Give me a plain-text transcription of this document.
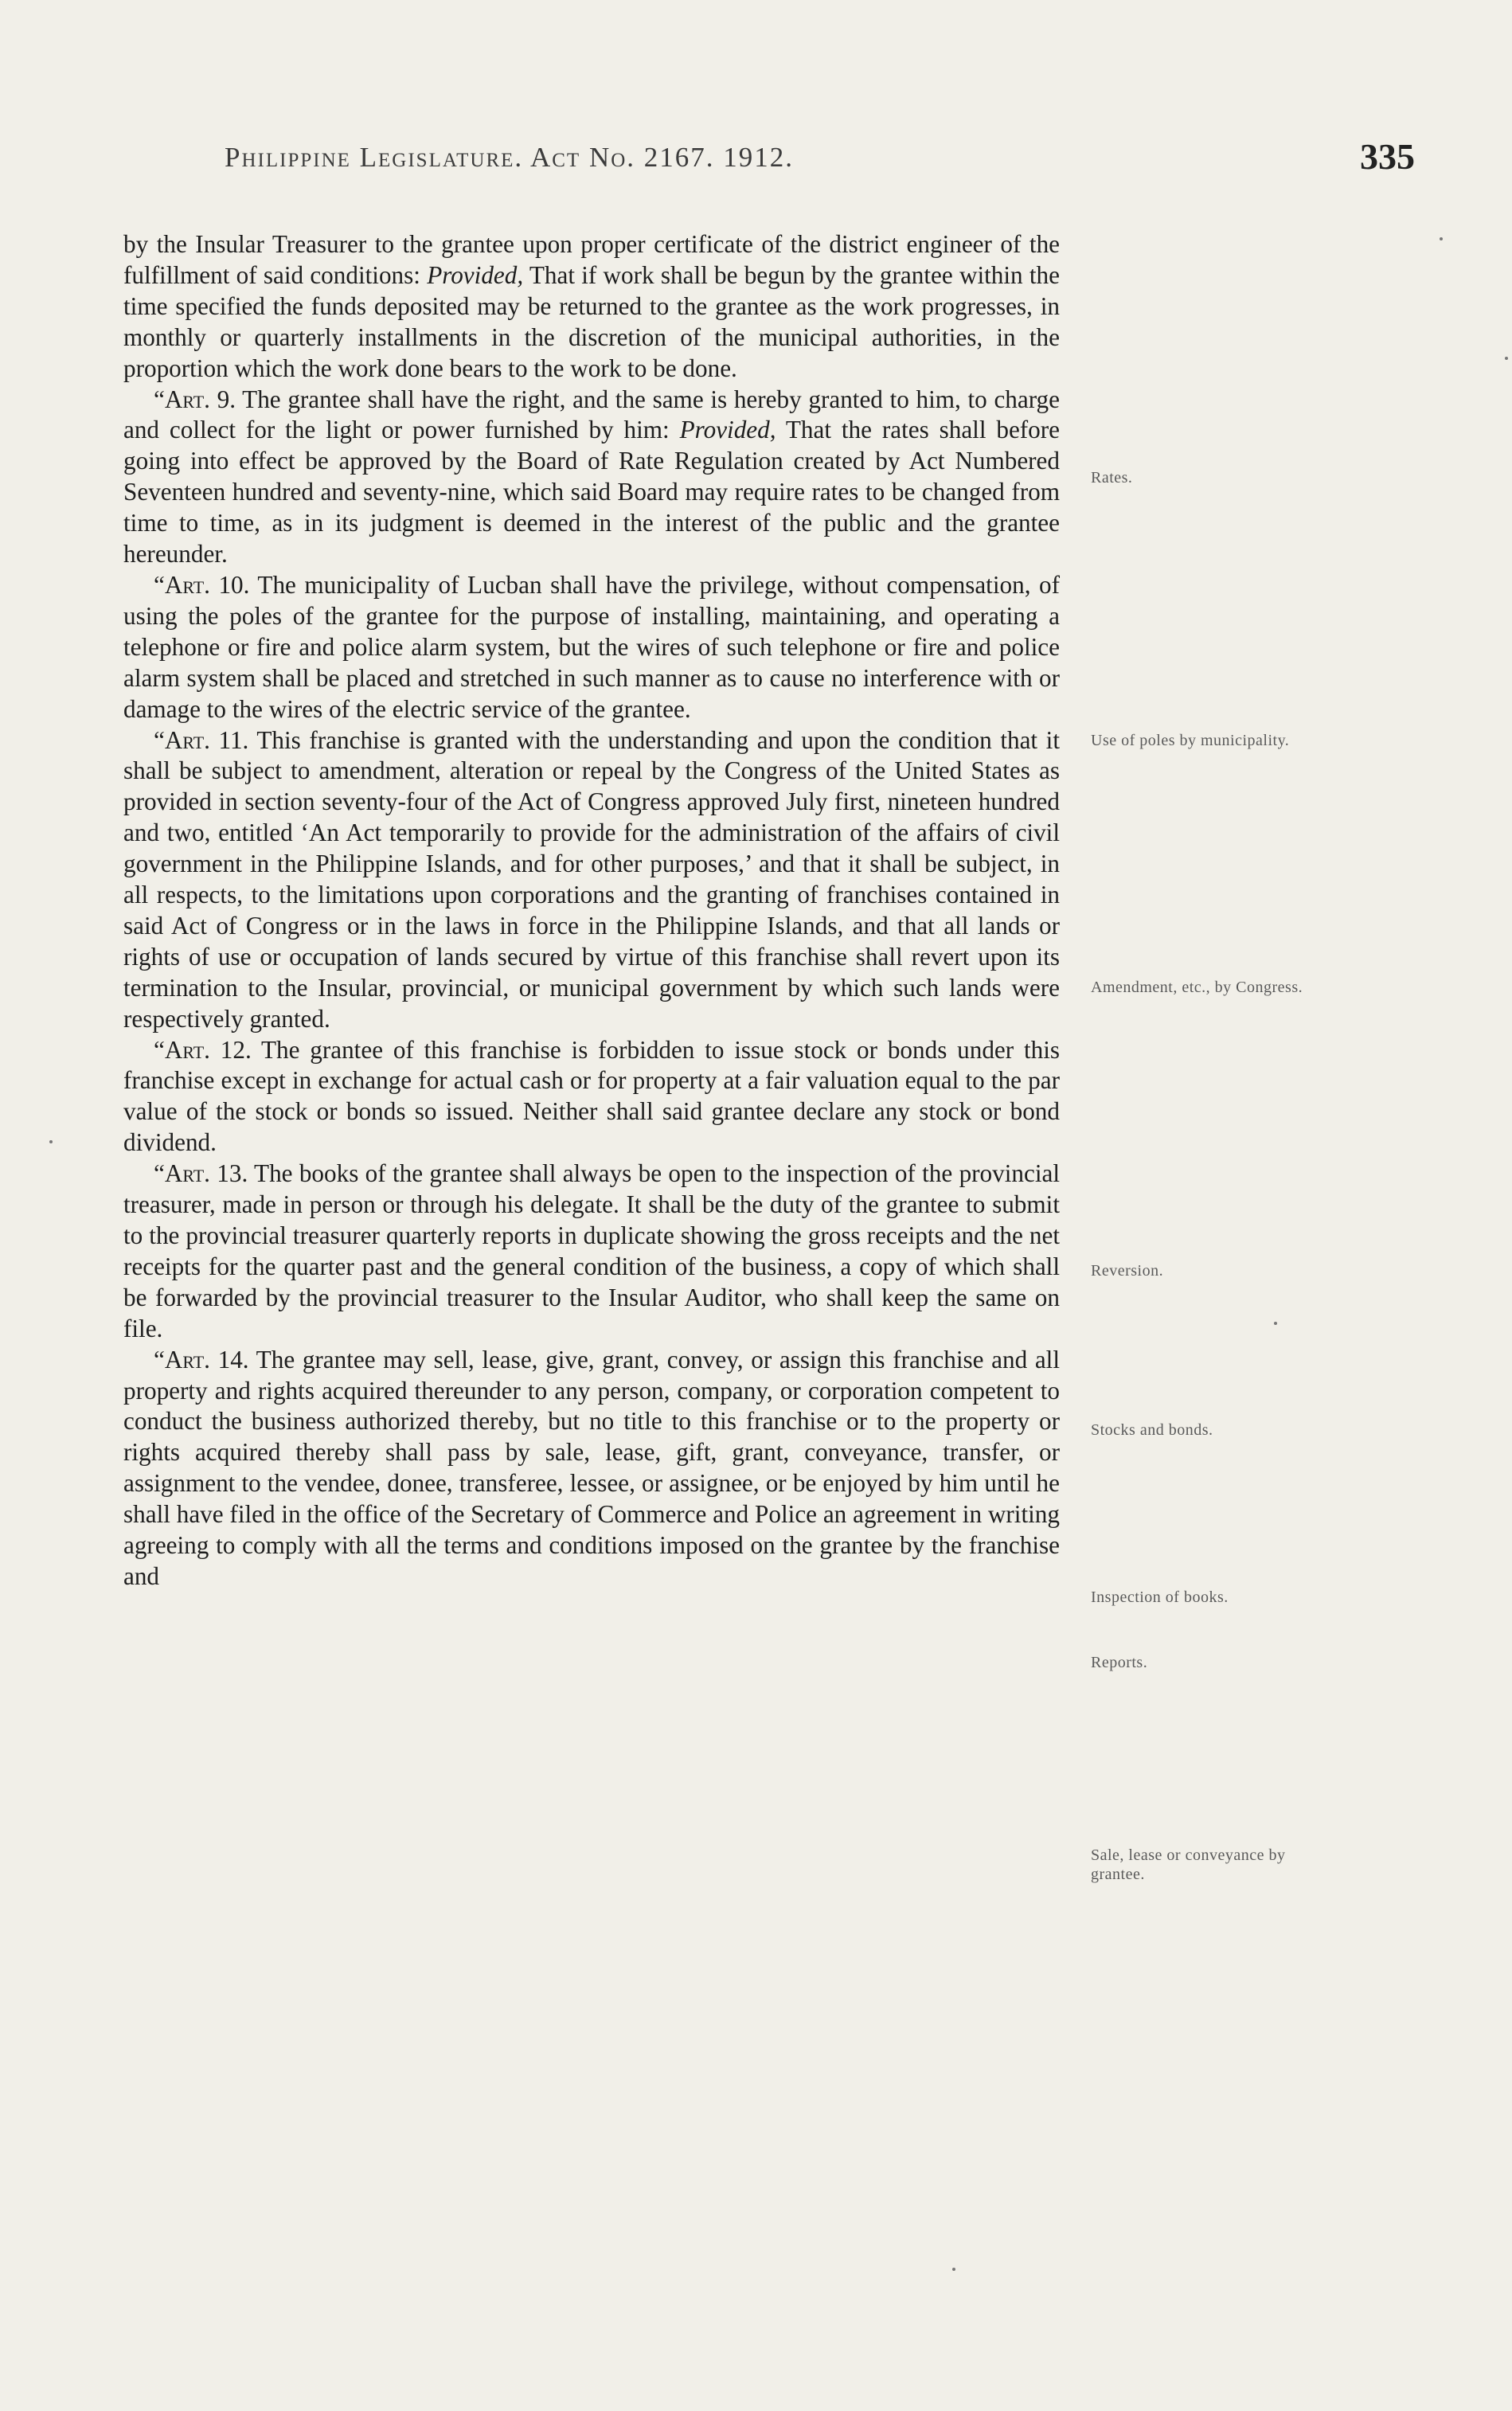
Philippine Legislature. Act No. 2167. 1912.	335

by the Insular Treasurer to the grantee upon proper certificate of the district engineer of the fulfillment of said conditions: Provided, That if work shall be begun by the grantee within the time specified the funds deposited may be returned to the grantee as the work progresses, in monthly or quarterly installments in the discretion of the municipal authorities, in the proportion which the work done bears to the work to be done.

“Art. 9. The grantee shall have the right, and the same is hereby granted to him, to charge and collect for the light or power furnished by him: Provided, That the rates shall before going into effect be approved by the Board of Rate Regulation created by Act Numbered Seventeen hundred and seventy-nine, which said Board may require rates to be changed from time to time, as in its judgment is deemed in the interest of the public and the grantee hereunder.

“Art. 10. The municipality of Lucban shall have the privilege, without compensation, of using the poles of the grantee for the purpose of installing, maintaining, and operating a telephone or fire and police alarm system, but the wires of such telephone or fire and police alarm system shall be placed and stretched in such manner as to cause no interference with or damage to the wires of the electric service of the grantee.

“Art. 11. This franchise is granted with the understanding and upon the condition that it shall be subject to amendment, alteration or repeal by the Congress of the United States as provided in section seventy-four of the Act of Congress approved July first, nineteen hundred and two, entitled ‘An Act temporarily to provide for the administration of the affairs of civil government in the Philippine Islands, and for other purposes,’ and that it shall be subject, in all respects, to the limitations upon corporations and the granting of franchises contained in said Act of Congress or in the laws in force in the Philippine Islands, and that all lands or rights of use or occupation of lands secured by virtue of this franchise shall revert upon its termination to the Insular, provincial, or municipal government by which such lands were respectively granted.

“Art. 12. The grantee of this franchise is forbidden to issue stock or bonds under this franchise except in exchange for actual cash or for property at a fair valuation equal to the par value of the stock or bonds so issued. Neither shall said grantee declare any stock or bond dividend.

“Art. 13. The books of the grantee shall always be open to the inspection of the provincial treasurer, made in person or through his delegate. It shall be the duty of the grantee to submit to the provincial treasurer quarterly reports in duplicate showing the gross receipts and the net receipts for the quarter past and the general condition of the business, a copy of which shall be forwarded by the provincial treasurer to the Insular Auditor, who shall keep the same on file.

“Art. 14. The grantee may sell, lease, give, grant, convey, or assign this franchise and all property and rights acquired thereunder to any person, company, or corporation competent to conduct the business authorized thereby, but no title to this franchise or to the property or rights acquired thereby shall pass by sale, lease, gift, grant, conveyance, transfer, or assignment to the vendee, donee, transferee, lessee, or assignee, or be enjoyed by him until he shall have filed in the office of the Secretary of Commerce and Police an agreement in writing agreeing to comply with all the terms and conditions imposed on the grantee by the franchise and

Rates.
Use of poles by municipality.
Amendment, etc., by Congress.
Reversion.
Stocks and bonds.
Inspection of books.
Reports.
Sale, lease or conveyance by grantee.
